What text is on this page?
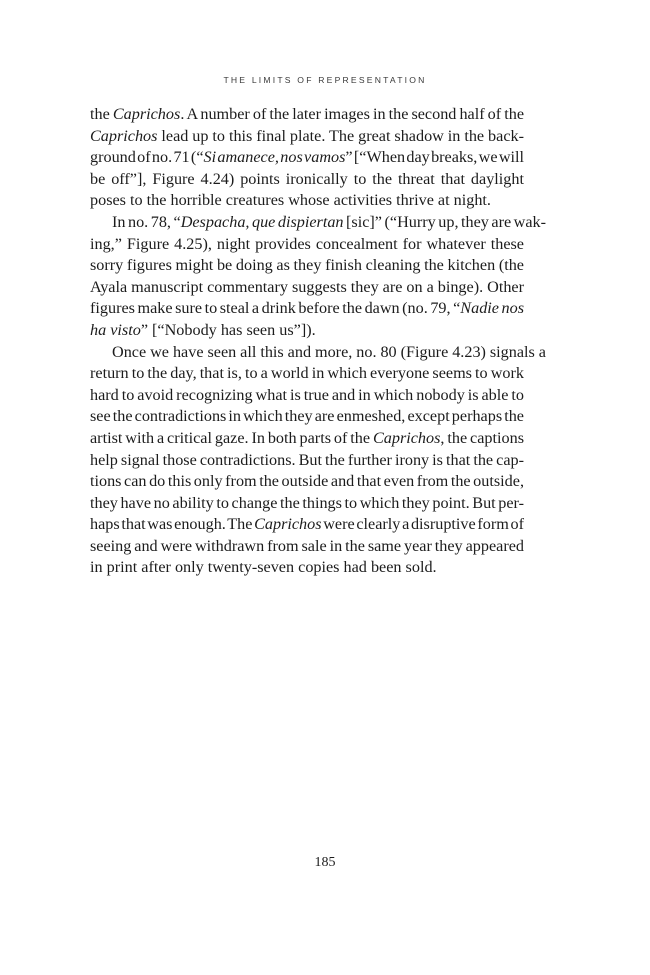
THE LIMITS OF REPRESENTATION
the Caprichos. A number of the later images in the second half of the
Caprichos lead up to this final plate. The great shadow in the back-
ground of no. 71 (“Si amanece, nos vamos” [“When day breaks, we will
be off”], Figure 4.24) points ironically to the threat that daylight
poses to the horrible creatures whose activities thrive at night.
In no. 78, “Despacha, que dispiertan [sic]” (“Hurry up, they are wak-
ing,” Figure 4.25), night provides concealment for whatever these
sorry figures might be doing as they finish cleaning the kitchen (the
Ayala manuscript commentary suggests they are on a binge). Other
figures make sure to steal a drink before the dawn (no. 79, “Nadie nos
ha visto” [“Nobody has seen us”]).
Once we have seen all this and more, no. 80 (Figure 4.23) signals a
return to the day, that is, to a world in which everyone seems to work
hard to avoid recognizing what is true and in which nobody is able to
see the contradictions in which they are enmeshed, except perhaps the
artist with a critical gaze. In both parts of the Caprichos, the captions
help signal those contradictions. But the further irony is that the cap-
tions can do this only from the outside and that even from the outside,
they have no ability to change the things to which they point. But per-
haps that was enough. The Caprichos were clearly a disruptive form of
seeing and were withdrawn from sale in the same year they appeared
in print after only twenty-seven copies had been sold.
185
